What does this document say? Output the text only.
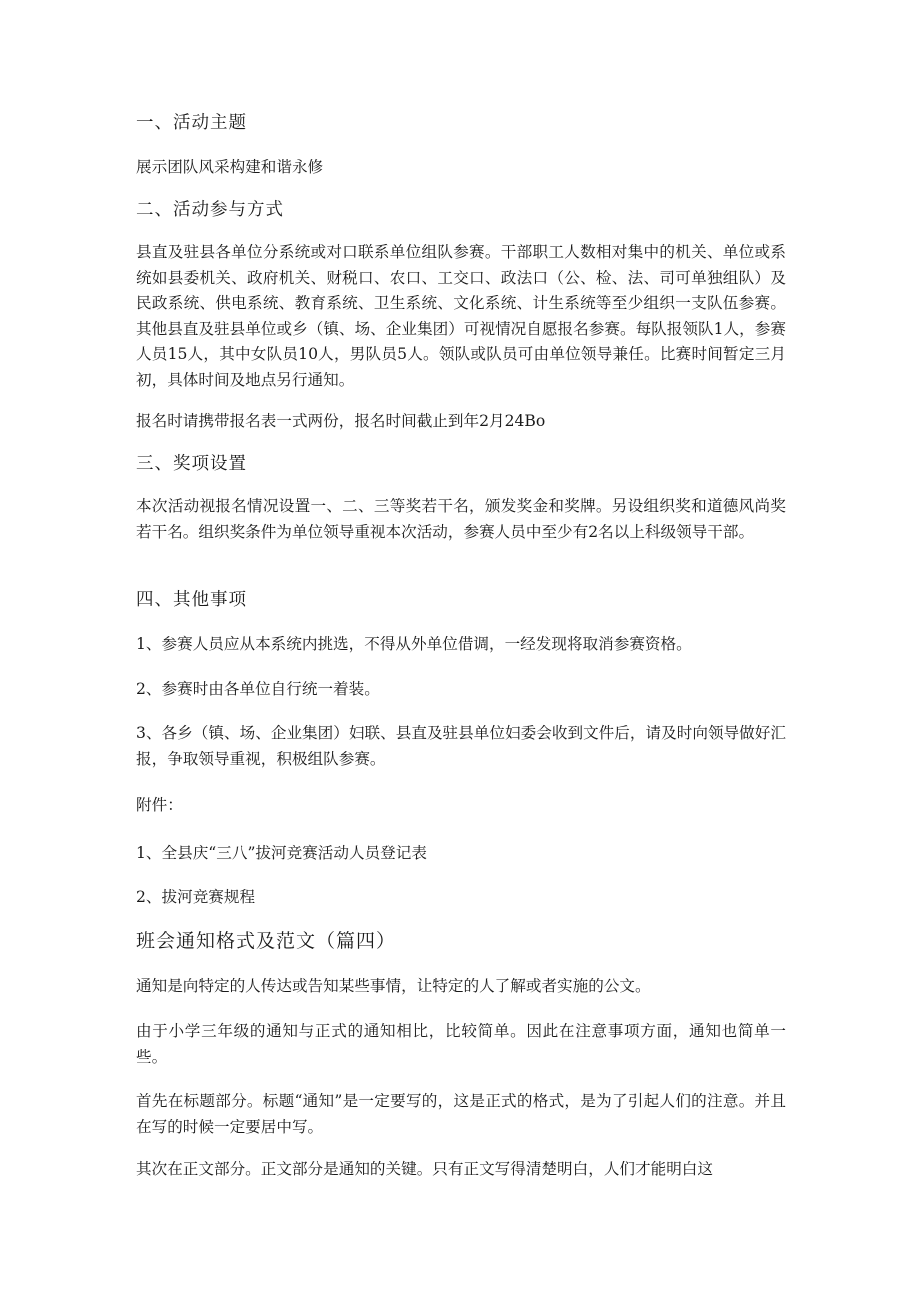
一、活动主题
展示团队风采构建和谐永修
二、活动参与方式

县直及驻县各单位分系统或对口联系单位组队参赛。干部职工人数相对集中的机关、单位或系统如县委机关、政府机关、财税口、农口、工交口、政法口（公、检、法、司可单独组队）及民政系统、供电系统、教育系统、卫生系统、文化系统、计生系统等至少组织一支队伍参赛。其他县直及驻县单位或乡（镇、场、企业集团）可视情况自愿报名参赛。每队报领队1人，参赛人员15人，其中女队员10人，男队员5人。领队或队员可由单位领导兼任。比赛时间暂定三月初，具体时间及地点另行通知。

报名时请携带报名表一式两份，报名时间截止到年2月24Bo
三、奖项设置

本次活动视报名情况设置一、二、三等奖若干名，颁发奖金和奖牌。另设组织奖和道德风尚奖若干名。组织奖条件为单位领导重视本次活动，参赛人员中至少有2名以上科级领导干部。

四、其他事项
1、参赛人员应从本系统内挑选，不得从外单位借调，一经发现将取消参赛资格。
2、参赛时由各单位自行统一着装。

3、各乡（镇、场、企业集团）妇联、县直及驻县单位妇委会收到文件后，请及时向领导做好汇报，争取领导重视，积极组队参赛。

附件：
1、全县庆“三八”拔河竞赛活动人员登记表
2、拔河竞赛规程
班会通知格式及范文（篇四）
通知是向特定的人传达或告知某些事情，让特定的人了解或者实施的公文。

由于小学三年级的通知与正式的通知相比，比较简单。因此在注意事项方面，通知也简单一些。

首先在标题部分。标题“通知”是一定要写的，这是正式的格式，是为了引起人们的注意。并且在写的时候一定要居中写。

其次在正文部分。正文部分是通知的关键。只有正文写得清楚明白，人们才能明白这
